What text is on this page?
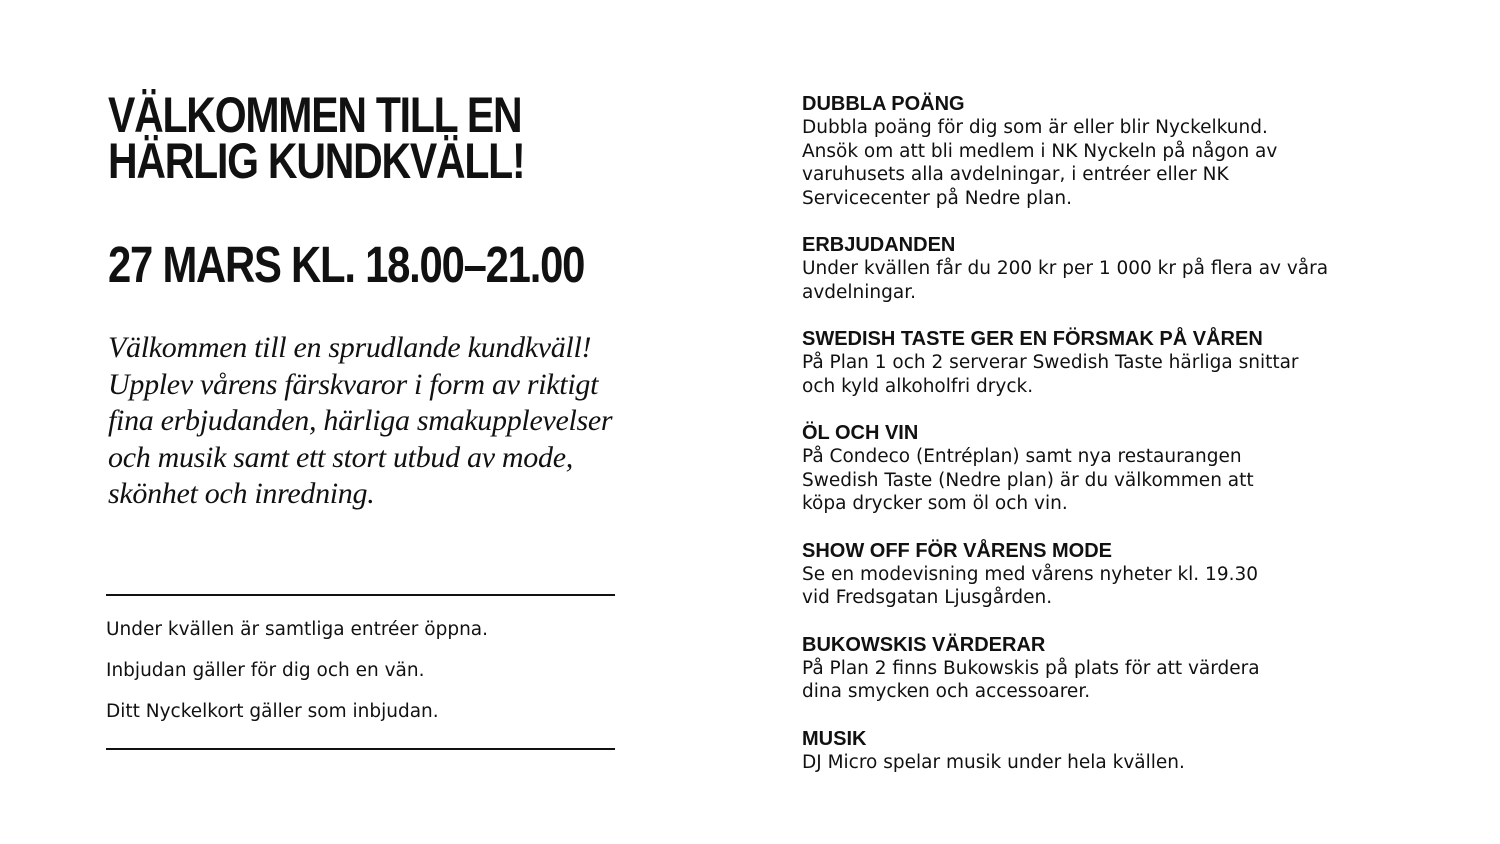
VÄLKOMMEN TILL EN
HÄRLIG KUNDKVÄLL!
27 MARS KL. 18.00–21.00
Välkommen till en sprudlande kundkväll!
Upplev vårens färskvaror i form av riktigt
fina erbjudanden, härliga smakupplevelser
och musik samt ett stort utbud av mode,
skönhet och inredning.

Under kvällen är samtliga entréer öppna.

Inbjudan gäller för dig och en vän.

Ditt Nyckelkort gäller som inbjudan.

DUBBLA POÄNG
Dubbla poäng för dig som är eller blir Nyckelkund.
Ansök om att bli medlem i NK Nyckeln på någon av
varuhusets alla avdelningar, i entréer eller NK
Servicecenter på Nedre plan.
ERBJUDANDEN
Under kvällen får du 200 kr per 1 000 kr på flera av våra
avdelningar.
SWEDISH TASTE GER EN FÖRSMAK PÅ VÅREN
På Plan 1 och 2 serverar Swedish Taste härliga snittar
och kyld alkoholfri dryck.
ÖL OCH VIN
På Condeco (Entréplan) samt nya restaurangen
Swedish Taste (Nedre plan) är du välkommen att
köpa drycker som öl och vin.
SHOW OFF FÖR VÅRENS MODE
Se en modevisning med vårens nyheter kl. 19.30
vid Fredsgatan Ljusgården.
BUKOWSKIS VÄRDERAR
På Plan 2 finns Bukowskis på plats för att värdera
dina smycken och accessoarer.
MUSIK
DJ Micro spelar musik under hela kvällen.
